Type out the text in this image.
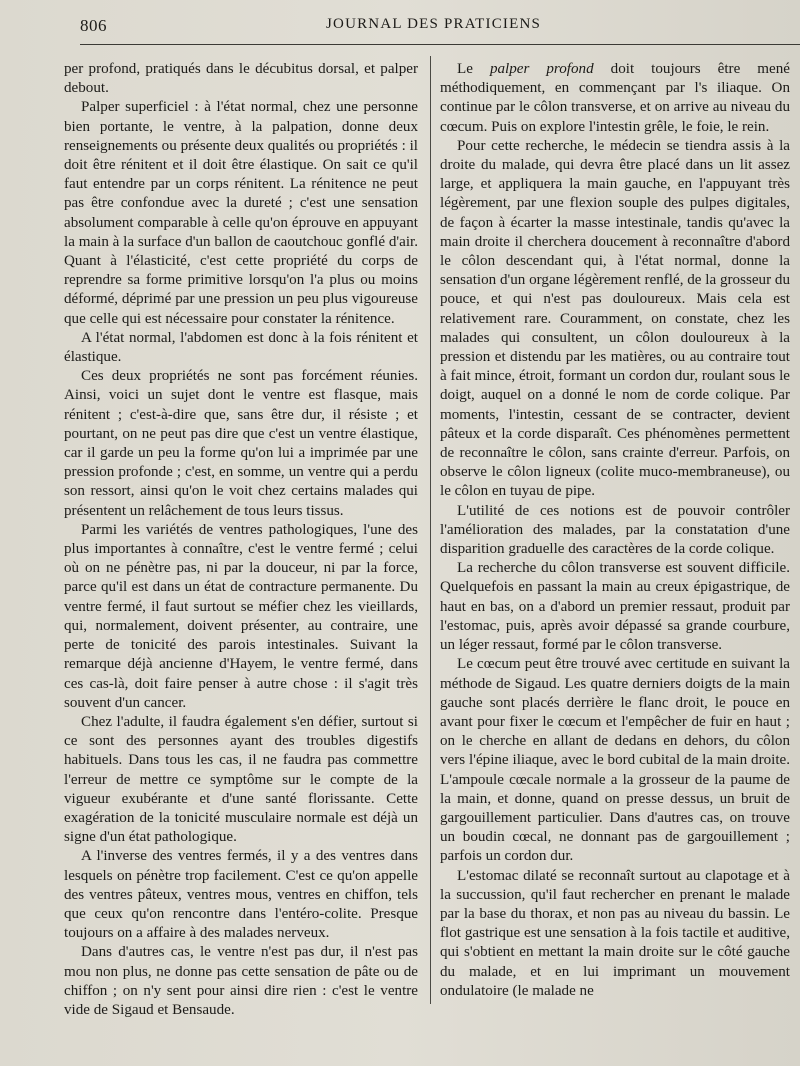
806	JOURNAL DES PRATICIENS

per profond, pratiqués dans le décubitus dorsal, et palper debout.

Palper superficiel : à l'état normal, chez une personne bien portante, le ventre, à la palpation, donne deux renseignements ou présente deux qualités ou propriétés : il doit être rénitent et il doit être élastique. On sait ce qu'il faut entendre par un corps rénitent. La rénitence ne peut pas être confondue avec la dureté ; c'est une sensation absolument comparable à celle qu'on éprouve en appuyant la main à la surface d'un ballon de caoutchouc gonflé d'air. Quant à l'élasticité, c'est cette propriété du corps de reprendre sa forme primitive lorsqu'on l'a plus ou moins déformé, déprimé par une pression un peu plus vigoureuse que celle qui est nécessaire pour constater la rénitence.

A l'état normal, l'abdomen est donc à la fois rénitent et élastique.

Ces deux propriétés ne sont pas forcément réunies. Ainsi, voici un sujet dont le ventre est flasque, mais rénitent ; c'est-à-dire que, sans être dur, il résiste ; et pourtant, on ne peut pas dire que c'est un ventre élastique, car il garde un peu la forme qu'on lui a imprimée par une pression profonde ; c'est, en somme, un ventre qui a perdu son ressort, ainsi qu'on le voit chez certains malades qui présentent un relâchement de tous leurs tissus.

Parmi les variétés de ventres pathologiques, l'une des plus importantes à connaître, c'est le ventre fermé ; celui où on ne pénètre pas, ni par la douceur, ni par la force, parce qu'il est dans un état de contracture permanente. Du ventre fermé, il faut surtout se méfier chez les vieillards, qui, normalement, doivent présenter, au contraire, une perte de tonicité des parois intestinales. Suivant la remarque déjà ancienne d'Hayem, le ventre fermé, dans ces cas-là, doit faire penser à autre chose : il s'agit très souvent d'un cancer.

Chez l'adulte, il faudra également s'en défier, surtout si ce sont des personnes ayant des troubles digestifs habituels. Dans tous les cas, il ne faudra pas commettre l'erreur de mettre ce symptôme sur le compte de la vigueur exubérante et d'une santé florissante. Cette exagération de la tonicité musculaire normale est déjà un signe d'un état pathologique.

A l'inverse des ventres fermés, il y a des ventres dans lesquels on pénètre trop facilement. C'est ce qu'on appelle des ventres pâteux, ventres mous, ventres en chiffon, tels que ceux qu'on rencontre dans l'entéro-colite. Presque toujours on a affaire à des malades nerveux.

Dans d'autres cas, le ventre n'est pas dur, il n'est pas mou non plus, ne donne pas cette sensation de pâte ou de chiffon ; on n'y sent pour ainsi dire rien : c'est le ventre vide de Sigaud et Bensaude.

Le palper profond doit toujours être mené méthodiquement, en commençant par l's iliaque. On continue par le côlon transverse, et on arrive au niveau du cœcum. Puis on explore l'intestin grêle, le foie, le rein.

Pour cette recherche, le médecin se tiendra assis à la droite du malade, qui devra être placé dans un lit assez large, et appliquera la main gauche, en l'appuyant très légèrement, par une flexion souple des pulpes digitales, de façon à écarter la masse intestinale, tandis qu'avec la main droite il cherchera doucement à reconnaître d'abord le côlon descendant qui, à l'état normal, donne la sensation d'un organe légèrement renflé, de la grosseur du pouce, et qui n'est pas douloureux. Mais cela est relativement rare. Couramment, on constate, chez les malades qui consultent, un côlon douloureux à la pression et distendu par les matières, ou au contraire tout à fait mince, étroit, formant un cordon dur, roulant sous le doigt, auquel on a donné le nom de corde colique. Par moments, l'intestin, cessant de se contracter, devient pâteux et la corde disparaît. Ces phénomènes permettent de reconnaître le côlon, sans crainte d'erreur. Parfois, on observe le côlon ligneux (colite muco-membraneuse), ou le côlon en tuyau de pipe.

L'utilité de ces notions est de pouvoir contrôler l'amélioration des malades, par la constatation d'une disparition graduelle des caractères de la corde colique.

La recherche du côlon transverse est souvent difficile. Quelquefois en passant la main au creux épigastrique, de haut en bas, on a d'abord un premier ressaut, produit par l'estomac, puis, après avoir dépassé sa grande courbure, un léger ressaut, formé par le côlon transverse.

Le cœcum peut être trouvé avec certitude en suivant la méthode de Sigaud. Les quatre derniers doigts de la main gauche sont placés derrière le flanc droit, le pouce en avant pour fixer le cœcum et l'empêcher de fuir en haut ; on le cherche en allant de dedans en dehors, du côlon vers l'épine iliaque, avec le bord cubital de la main droite. L'ampoule cœcale normale a la grosseur de la paume de la main, et donne, quand on presse dessus, un bruit de gargouillement particulier. Dans d'autres cas, on trouve un boudin cœcal, ne donnant pas de gargouillement ; parfois un cordon dur.

L'estomac dilaté se reconnaît surtout au clapotage et à la succussion, qu'il faut rechercher en prenant le malade par la base du thorax, et non pas au niveau du bassin. Le flot gastrique est une sensation à la fois tactile et auditive, qui s'obtient en mettant la main droite sur le côté gauche du malade, et en lui imprimant un mouvement ondulatoire (le malade ne
